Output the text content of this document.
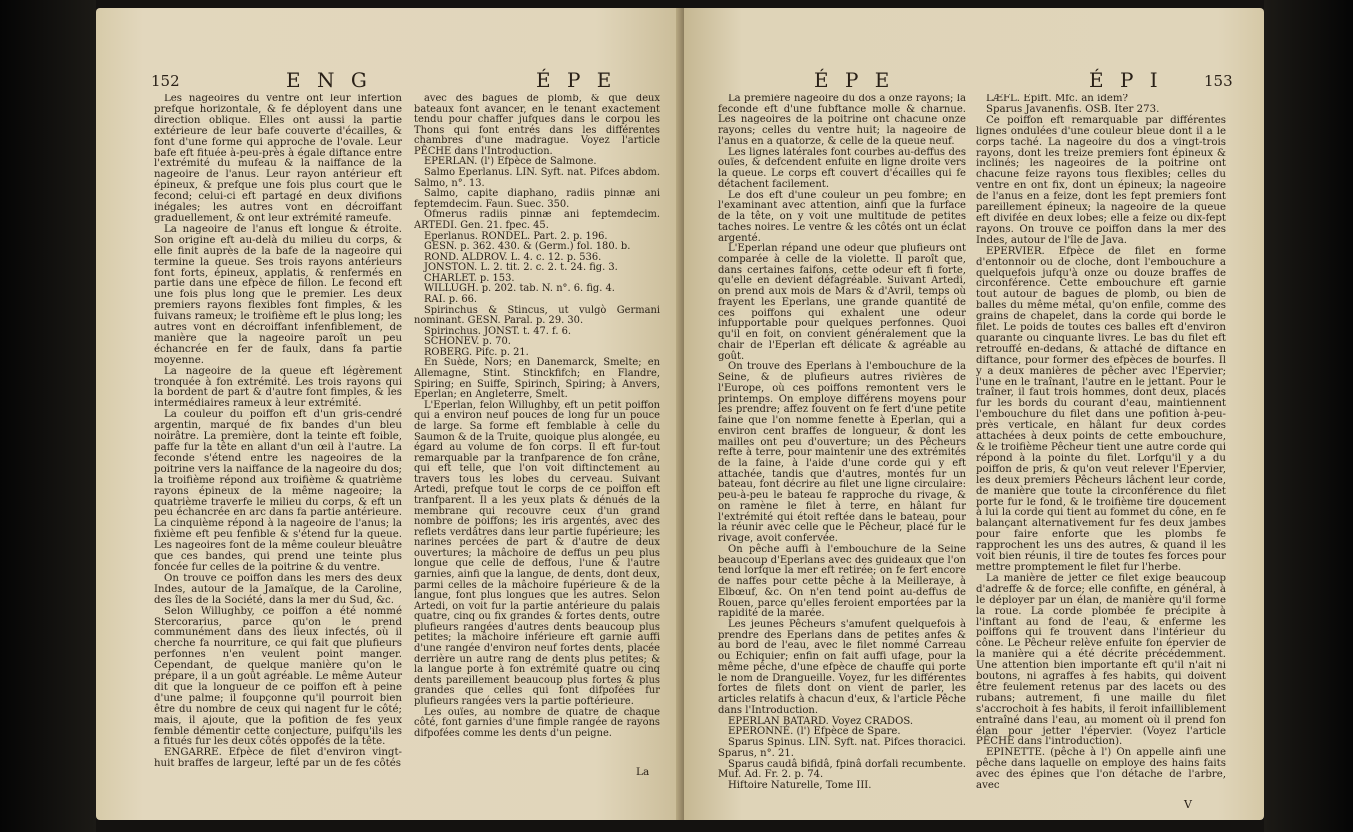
152	E N G	É P E

Les nageoires du ventre ont leur infertion prefque horizontale, & fe déployent dans une direction oblique. Elles ont aussi la partie extérieure de leur bafe couverte d'écailles, & font d'une forme qui approche de l'ovale. Leur bafe eft fituée à-peu-près à égale diftance entre l'extrémité du mufeau & la naiffance de la nageoire de l'anus. Leur rayon antérieur eft épineux, & prefque une fois plus court que le fecond; celui-ci eft partagé en deux divifions inégales; les autres vont en décroiffant graduellement, & ont leur extrémité rameufe.

La nageoire de l'anus eft longue & étroite. Son origine eft au-delà du milieu du corps, & elle finit auprès de la bafe de la nageoire qui termine la queue. Ses trois rayons antérieurs font forts, épineux, applatis, & renfermés en partie dans une efpèce de fillon. Le fecond eft une fois plus long que le premier. Les deux premiers rayons flexibles font fimples, & les fuivans rameux; le troifième eft le plus long; les autres vont en décroiffant infenfiblement, de manière que la nageoire paroît un peu échancrée en fer de faulx, dans fa partie moyenne.

La nageoire de la queue eft légèrement tronquée à fon extrémité. Les trois rayons qui la bordent de part & d'autre font fimples, & les intermédiaires rameux à leur extrémité.

La couleur du poiffon eft d'un gris-cendré argentin, marqué de fix bandes d'un bleu noirâtre. La première, dont la teinte eft foible, paffe fur la tête en allant d'un œil à l'autre. La feconde s'étend entre les nageoires de la poitrine vers la naiffance de la nageoire du dos; la troifième répond aux troifième & quatrième rayons épineux de la même nageoire; la quatrième traverfe le milieu du corps, & eft un peu échancrée en arc dans fa partie antérieure. La cinquième répond à la nageoire de l'anus; la fixième eft peu fenfible & s'étend fur la queue. Les nageoires font de la même couleur bleuâtre que ces bandes, qui prend une teinte plus foncée fur celles de la poitrine & du ventre.

On trouve ce poiffon dans les mers des deux Indes, autour de la Jamaïque, de la Caroline, des îles de la Société, dans la mer du Sud, &c.

Selon Willughby, ce poiffon a été nommé Stercorarius, parce qu'on le prend communément dans des lieux infectés, où il cherche fa nourriture, ce qui fait que plufieurs perfonnes n'en veulent point manger. Cependant, de quelque manière qu'on le prépare, il a un goût agréable. Le même Auteur dit que la longueur de ce poiffon eft à peine d'une palme; il foupçonne qu'il pourroit bien être du nombre de ceux qui nagent fur le côté; mais, il ajoute, que la pofition de fes yeux femble démentir cette conjecture, puifqu'ils les a fitués fur les deux côtés oppofés de la tête.

ENGARRE. Efpèce de filet d'environ vingt-huit braffes de largeur, lefté par un de fes côtés

avec des bagues de plomb, & que deux bateaux font avancer, en le tenant exactement tendu pour chaffer jufques dans le corpou les Thons qui font entrés dans les différentes chambres d'une madrague. Voyez l'article PÊCHE dans l'Introduction.

EPERLAN. (l') Efpèce de Salmone.

Salmo Eperlanus. LIN. Syft. nat. Pifces abdom. Salmo, n°. 13.

Salmo, capite diaphano, radiis pinnæ ani feptemdecim. Faun. Suec. 350.

Ofmerus radiis pinnæ ani feptemdecim. ARTEDI. Gen. 21. fpec. 45.

Eperlanus. RONDEL. Part. 2. p. 196.

GESN. p. 362. 430. & (Germ.) fol. 180. b.

ROND. ALDROV. L. 4. c. 12. p. 536.

JONSTON. L. 2. tit. 2. c. 2. t. 24. fig. 3.

CHARLET. p. 153.

WILLUGH. p. 202. tab. N. n°. 6. fig. 4.

RAI. p. 66.

Spirinchus & Stincus, ut vulgò Germani nominant. GESN. Paral. p. 29. 30.

Spirinchus. JONST. t. 47. f. 6.

SCHONEV. p. 70.

ROBERG. Pifc. p. 21.

En Suède, Nors; en Danemarck, Smelte; en Allemagne, Stint. Stinckfifch; en Flandre, Spiring; en Suiffe, Spirinch, Spiring; à Anvers, Eperlan; en Angleterre, Smelt.

L'Eperlan, felon Willughby, eft un petit poiffon qui a environ neuf pouces de long fur un pouce de large. Sa forme eft femblable à celle du Saumon & de la Truite, quoique plus alongée, eu égard au volume de fon corps. Il eft fur-tout remarquable par la tranfparence de fon crâne, qui eft telle, que l'on voit diftinctement au travers tous les lobes du cerveau. Suivant Artedi, prefque tout le corps de ce poiffon eft tranfparent. Il a les yeux plats & dénués de la membrane qui recouvre ceux d'un grand nombre de poiffons; les iris argentés, avec des reflets verdâtres dans leur partie fupérieure; les narines percées de part & d'autre de deux ouvertures; la mâchoire de deffus un peu plus longue que celle de deffous, l'une & l'autre garnies, ainfi que la langue, de dents, dont deux, parmi celles de la mâchoire fupérieure & de la langue, font plus longues que les autres. Selon Artedi, on voit fur la partie antérieure du palais quatre, cinq ou fix grandes & fortes dents, outre plufieurs rangées d'autres dents beaucoup plus petites; la mâchoire inférieure eft garnie auffi d'une rangée d'environ neuf fortes dents, placée derrière un autre rang de dents plus petites; & la langue porte à fon extrémité quatre ou cinq dents pareillement beaucoup plus fortes & plus grandes que celles qui font difpofées fur plufieurs rangées vers la partie poftérieure.

Les ouïes, au nombre de quatre de chaque côté, font garnies d'une fimple rangée de rayons difpofées comme les dents d'un peigne.

La
É P E	É P I	153

La première nageoire du dos a onze rayons; la feconde eft d'une fubftance molle & charnue. Les nageoires de la poitrine ont chacune onze rayons; celles du ventre huit; la nageoire de l'anus en a quatorze, & celle de la queue neuf.

Les lignes latérales font courbes au-deffus des ouïes, & defcendent enfuite en ligne droite vers la queue. Le corps eft couvert d'écailles qui fe détachent facilement.

Le dos eft d'une couleur un peu fombre; en l'examinant avec attention, ainfi que la furface de la tête, on y voit une multitude de petites taches noires. Le ventre & les côtés ont un éclat argenté.

L'Eperlan répand une odeur que plufieurs ont comparée à celle de la violette. Il paroît que, dans certaines faifons, cette odeur eft fi forte, qu'elle en devient défagréable. Suivant Artedi, on prend aux mois de Mars & d'Avril, temps où frayent les Eperlans, une grande quantité de ces poiffons qui exhalent une odeur infupportable pour quelques perfonnes. Quoi qu'il en foit, on convient généralement que la chair de l'Eperlan eft délicate & agréable au goût.

On trouve des Eperlans à l'embouchure de la Seine, & de plufieurs autres rivières de l'Europe, où ces poiffons remontent vers le printemps. On employe différens moyens pour les prendre; affez fouvent on fe fert d'une petite faine que l'on nomme fenette à Eperlan, qui a environ cent braffes de longueur, & dont les mailles ont peu d'ouverture; un des Pêcheurs refte à terre, pour maintenir une des extrémités de la faine, à l'aide d'une corde qui y eft attachée, tandis que d'autres, montés fur un bateau, font décrire au filet une ligne circulaire: peu-à-peu le bateau fe rapproche du rivage, & on ramène le filet à terre, en hâlant fur l'extrémité qui étoit reftée dans le bateau, pour la réunir avec celle que le Pêcheur, placé fur le rivage, avoit confervée.

On pêche auffi à l'embouchure de la Seine beaucoup d'Eperlans avec des guideaux que l'on tend lorfque la mer eft retirée; on fe fert encore de naffes pour cette pêche à la Meilleraye, à Elbœuf, &c. On n'en tend point au-deffus de Rouen, parce qu'elles feroient emportées par la rapidité de la marée.

Les jeunes Pêcheurs s'amufent quelquefois à prendre des Eperlans dans de petites anfes & au bord de l'eau, avec le filet nommé Carreau ou Echiquier; enfin on fait auffi ufage, pour la même pêche, d'une efpèce de chauffe qui porte le nom de Drangueille. Voyez, fur les différentes fortes de filets dont on vient de parler, les articles relatifs à chacun d'eux, & l'article Pêche dans l'Introduction.

EPERLAN BATARD. Voyez CRADOS.

EPERONNÉ. (l') Efpèce de Spare.

Sparus Spinus. LIN. Syft. nat. Pifces thoracici. Sparus, n°. 21.

Sparus caudâ bifidâ, fpinâ dorfali recumbente. Muf. Ad. Fr. 2. p. 74.

Hiftoire Naturelle, Tome III.

LÆFL. Epift. Mfc. an idem?

Sparus Javanenfis. OSB. Iter 273.

Ce poiffon eft remarquable par différentes lignes ondulées d'une couleur bleue dont il a le corps taché. La nageoire du dos a vingt-trois rayons, dont les treize premiers font épineux & inclinés; les nageoires de la poitrine ont chacune feize rayons tous flexibles; celles du ventre en ont fix, dont un épineux; la nageoire de l'anus en a feize, dont les fept premiers font pareillement épineux; la nageoire de la queue eft divifée en deux lobes; elle a feize ou dix-fept rayons. On trouve ce poiffon dans la mer des Indes, autour de l'île de Java.

EPERVIER. Efpèce de filet en forme d'entonnoir ou de cloche, dont l'embouchure a quelquefois jufqu'à onze ou douze braffes de circonférence. Cette embouchure eft garnie tout autour de bagues de plomb, ou bien de balles du même métal, qu'on enfile, comme des grains de chapelet, dans la corde qui borde le filet. Le poids de toutes ces balles eft d'environ quarante ou cinquante livres. Le bas du filet eft retrouffé en-dedans, & attaché de diftance en diftance, pour former des efpèces de bourfes. Il y a deux manières de pêcher avec l'Epervier; l'une en le traînant, l'autre en le jettant. Pour le traîner, il faut trois hommes, dont deux, placés fur les bords du courant d'eau, maintiennent l'embouchure du filet dans une pofition à-peu-près verticale, en hâlant fur deux cordes attachées à deux points de cette embouchure, & le troifième Pêcheur tient une autre corde qui répond à la pointe du filet. Lorfqu'il y a du poiffon de pris, & qu'on veut relever l'Epervier, les deux premiers Pêcheurs lâchent leur corde, de manière que toute la circonférence du filet porte fur le fond, & le troifième tire doucement à lui la corde qui tient au fommet du cône, en fe balançant alternativement fur fes deux jambes pour faire enforte que les plombs fe rapprochent les uns des autres, & quand il les voit bien réunis, il tire de toutes fes forces pour mettre promptement le filet fur l'herbe.

La manière de jetter ce filet exige beaucoup d'adreffe & de force; elle confifte, en général, à le déployer par un élan, de manière qu'il forme la roue. La corde plombée fe précipite à l'inftant au fond de l'eau, & enferme les poiffons qui fe trouvent dans l'intérieur du cône. Le Pêcheur relève enfuite fon épervier de la manière qui a été décrite précédemment. Une attention bien importante eft qu'il n'ait ni boutons, ni agraffes à fes habits, qui doivent être feulement retenus par des lacets ou des rubans; autrement, fi une maille du filet s'accrochoit à fes habits, il feroit infailliblement entraîné dans l'eau, au moment où il prend fon élan pour jetter l'épervier. (Voyez l'article PÊCHE dans l'introduction).

EPINETTE. (pêche à l') On appelle ainfi une pêche dans laquelle on employe des hains faits avec des épines que l'on détache de l'arbre, avec

V
